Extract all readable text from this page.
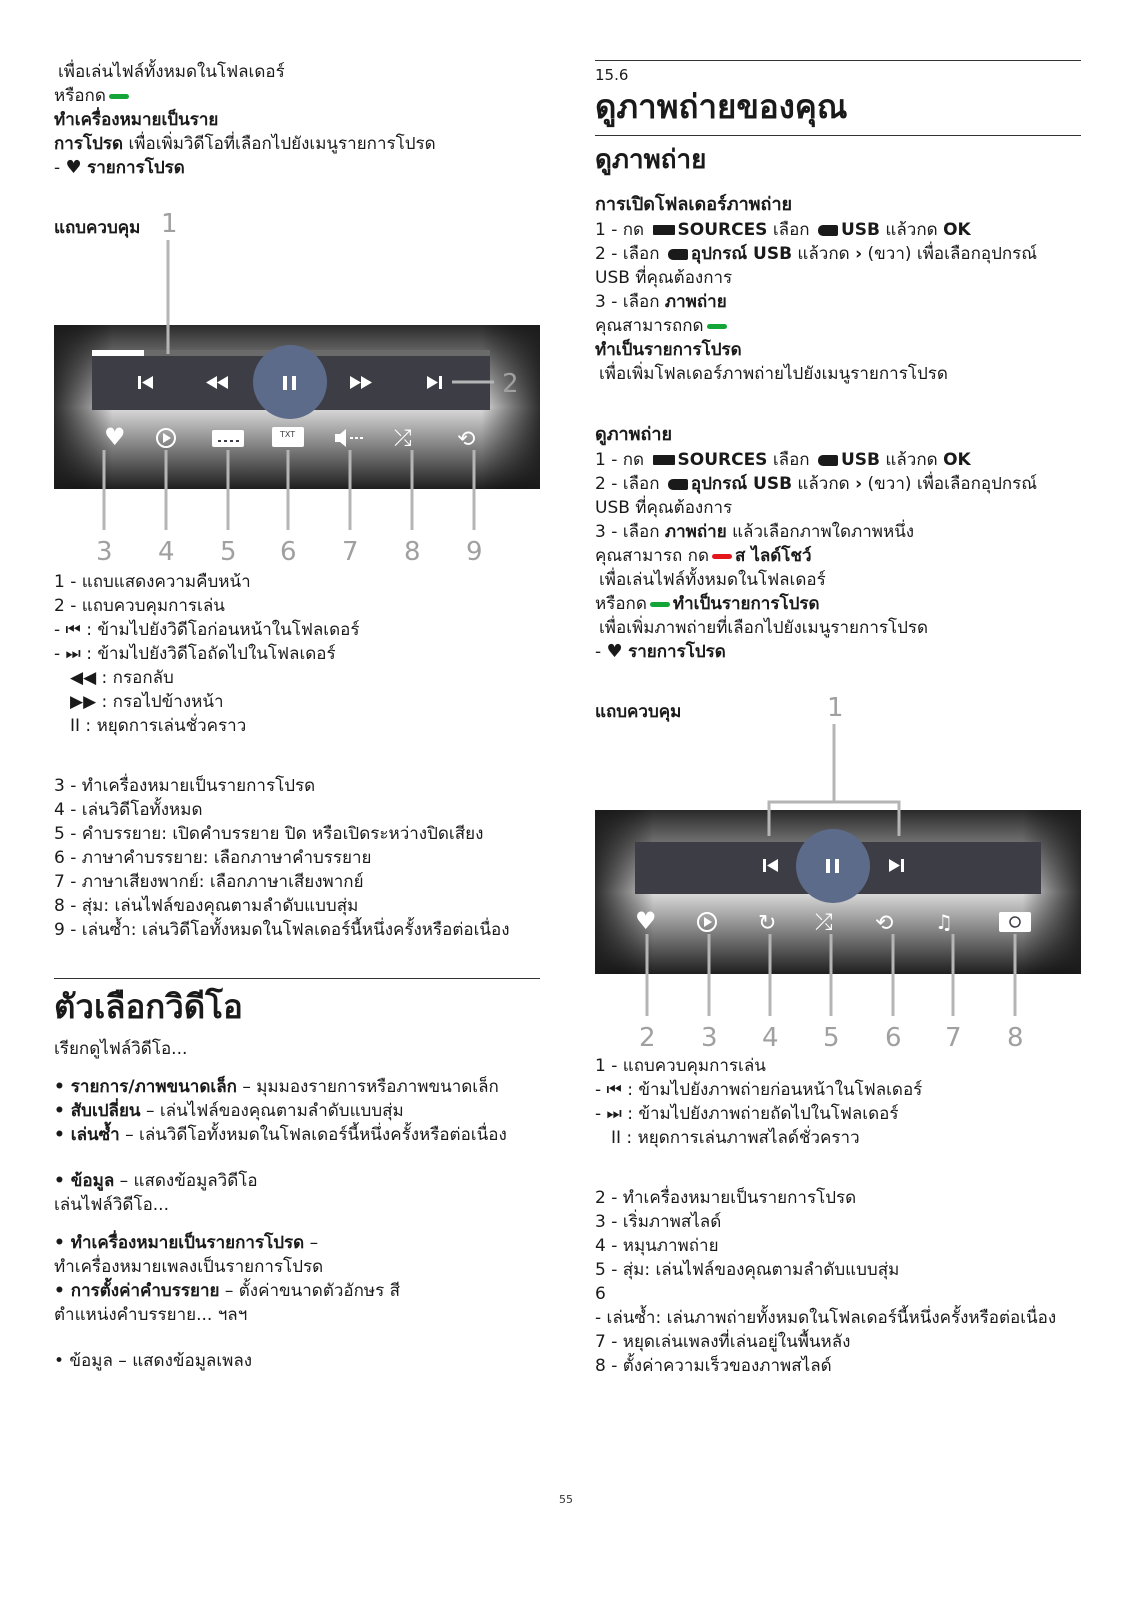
เพื่อเล่นไฟล์ทั้งหมดในโฟลเดอร์
หรือกด
ทำเครื่องหมายเป็นราย
การโปรด เพื่อเพิ่มวิดีโอที่เลือกไปยังเมนูรายการโปรด
- ♥ รายการโปรด
แถบควบคุม
♥	⤮ ⟲
TXT
1
2
3 4 5 6 7 8 9
1 - แถบแสดงความคืบหน้า
2 - แถบควบคุมการเล่น
- ⏮ : ข้ามไปยังวิดีโอก่อนหน้าในโฟลเดอร์
- ⏭ : ข้ามไปยังวิดีโอถัดไปในโฟลเดอร์
◀◀ : กรอกลับ
▶▶ : กรอไปข้างหน้า
II : หยุดการเล่นชั่วคราว
3 - ทำเครื่องหมายเป็นรายการโปรด
4 - เล่นวิดีโอทั้งหมด
5 - คำบรรยาย: เปิดคำบรรยาย ปิด หรือเปิดระหว่างปิดเสียง
6 - ภาษาคำบรรยาย: เลือกภาษาคำบรรยาย
7 - ภาษาเสียงพากย์: เลือกภาษาเสียงพากย์
8 - สุ่ม: เล่นไฟล์ของคุณตามลำดับแบบสุ่ม
9 - เล่นซ้ำ: เล่นวิดีโอทั้งหมดในโฟลเดอร์นี้หนึ่งครั้งหรือต่อเนื่อง
ตัวเลือกวิดีโอ
เรียกดูไฟล์วิดีโอ...
• รายการ/ภาพขนาดเล็ก – มุมมองรายการหรือภาพขนาดเล็ก
• สับเปลี่ยน – เล่นไฟล์ของคุณตามลำดับแบบสุ่ม
• เล่นซ้ำ – เล่นวิดีโอทั้งหมดในโฟลเดอร์นี้หนึ่งครั้งหรือต่อเนื่อง
• ข้อมูล – แสดงข้อมูลวิดีโอ
เล่นไฟล์วิดีโอ...
• ทำเครื่องหมายเป็นรายการโปรด –
ทำเครื่องหมายเพลงเป็นรายการโปรด
• การตั้งค่าคำบรรยาย – ตั้งค่าขนาดตัวอักษร สี
ตำแหน่งคำบรรยาย... ฯลฯ
• ข้อมูล – แสดงข้อมูลเพลง
15.6
ดูภาพถ่ายของคุณ
ดูภาพถ่าย
การเปิดโฟลเดอร์ภาพถ่าย
1 - กด SOURCES เลือก USB แล้วกด OK
2 - เลือก อุปกรณ์ USB แล้วกด › (ขวา) เพื่อเลือกอุปกรณ์
USB ที่คุณต้องการ
3 - เลือก ภาพถ่าย
คุณสามารถกด
ทำเป็นรายการโปรด
เพื่อเพิ่มโฟลเดอร์ภาพถ่ายไปยังเมนูรายการโปรด
ดูภาพถ่าย
1 - กด SOURCES เลือก USB แล้วกด OK
2 - เลือก อุปกรณ์ USB แล้วกด › (ขวา) เพื่อเลือกอุปกรณ์
USB ที่คุณต้องการ
3 - เลือก ภาพถ่าย แล้วเลือกภาพใดภาพหนึ่ง
คุณสามารถ กด ส ไลด์โชว์
เพื่อเล่นไฟล์ทั้งหมดในโฟลเดอร์
หรือกด ทำเป็นรายการโปรด
เพื่อเพิ่มภาพถ่ายที่เลือกไปยังเมนูรายการโปรด
- ♥ รายการโปรด
แถบควบคุม
♥	↻ ⤮ ⟲ ♫
1
2 3 4 5 6 7 8
1 - แถบควบคุมการเล่น
- ⏮ : ข้ามไปยังภาพถ่ายก่อนหน้าในโฟลเดอร์
- ⏭ : ข้ามไปยังภาพถ่ายถัดไปในโฟลเดอร์
II : หยุดการเล่นภาพสไลด์ชั่วคราว
2 - ทำเครื่องหมายเป็นรายการโปรด
3 - เริ่มภาพสไลด์
4 - หมุนภาพถ่าย
5 - สุ่ม: เล่นไฟล์ของคุณตามลำดับแบบสุ่ม
6
- เล่นซ้ำ: เล่นภาพถ่ายทั้งหมดในโฟลเดอร์นี้หนึ่งครั้งหรือต่อเนื่อง
7 - หยุดเล่นเพลงที่เล่นอยู่ในพื้นหลัง
8 - ตั้งค่าความเร็วของภาพสไลด์
55
